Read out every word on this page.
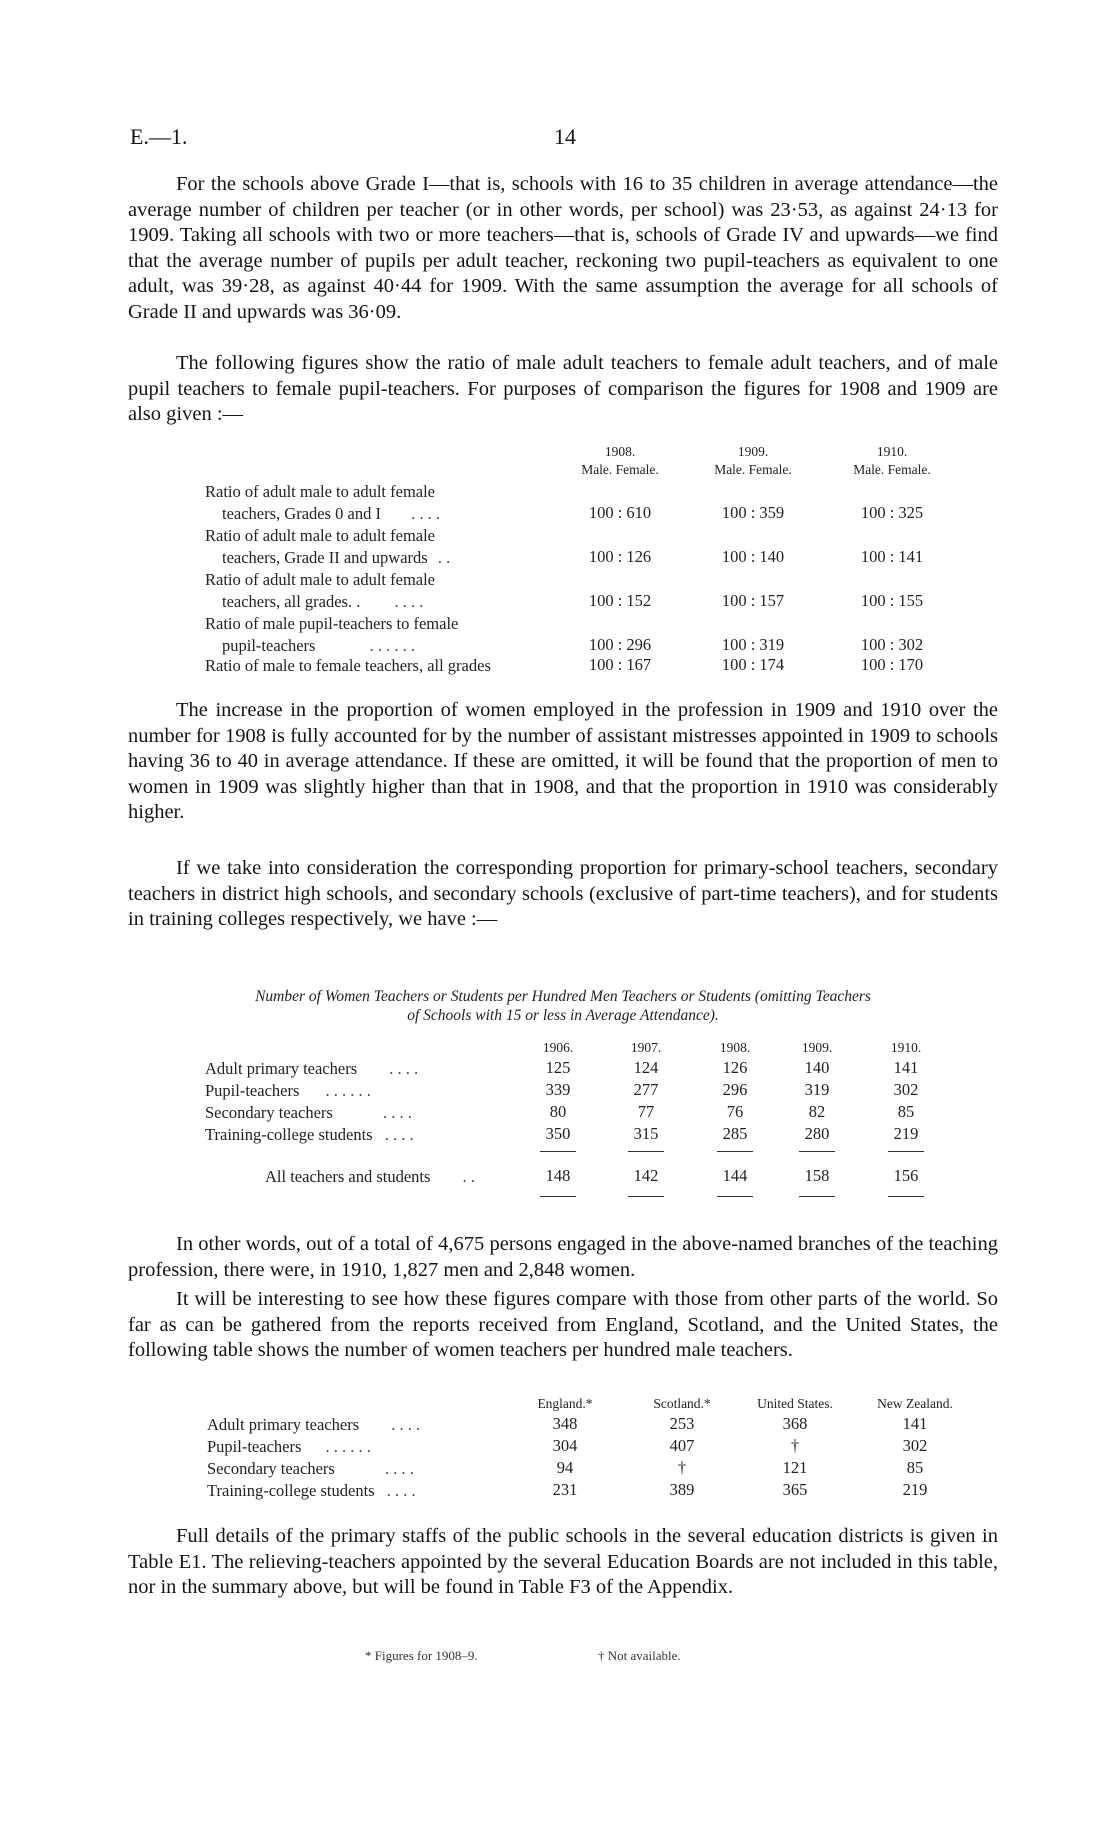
E.—1.	14

For the schools above Grade I—that is, schools with 16 to 35 children in average attendance—the average number of children per teacher (or in other words, per school) was 23·53, as against 24·13 for 1909. Taking all schools with two or more teachers—that is, schools of Grade IV and upwards—we find that the average number of pupils per adult teacher, reckoning two pupil-teachers as equivalent to one adult, was 39·28, as against 40·44 for 1909. With the same assumption the average for all schools of Grade II and upwards was 36·09.

The following figures show the ratio of male adult teachers to female adult teachers, and of male pupil teachers to female pupil-teachers. For purposes of comparison the figures for 1908 and 1909 are also given :—

1908.	1909.	1910.
Male. Female.	Male. Female.	Male. Female.
Ratio of adult male to adult female
teachers, Grades 0 and I . . . .	100 : 610	100 : 359	100 : 325
Ratio of adult male to adult female
teachers, Grade II and upwards . .	100 : 126	100 : 140	100 : 141
Ratio of adult male to adult female
teachers, all grades. . . . . .	100 : 152	100 : 157	100 : 155
Ratio of male pupil-teachers to female
pupil-teachers	. . . . . .	100 : 296	100 : 319	100 : 302
Ratio of male to female teachers, all grades	100 : 167	100 : 174	100 : 170

The increase in the proportion of women employed in the profession in 1909 and 1910 over the number for 1908 is fully accounted for by the number of assistant mistresses appointed in 1909 to schools having 36 to 40 in average attendance. If these are omitted, it will be found that the proportion of men to women in 1909 was slightly higher than that in 1908, and that the proportion in 1910 was considerably higher.

If we take into consideration the corresponding proportion for primary-school teachers, secondary teachers in district high schools, and secondary schools (exclusive of part-time teachers), and for students in training colleges respectively, we have :—

Number of Women Teachers or Students per Hundred Men Teachers or Students (omitting Teachers
of Schools with 15 or less in Average Attendance).
1906.	1907.	1908.	1909.	1910.
Adult primary teachers . . . .	125	124	126	140	141
Pupil-teachers . . . . . .	339	277	296	319	302
Secondary teachers	. . . .	80	77	76	82	85
Training-college students . . . .	350	315	285	280	219
All teachers and students . .	148	142	144	158	156

In other words, out of a total of 4,675 persons engaged in the above-named branches of the teaching profession, there were, in 1910, 1,827 men and 2,848 women.

It will be interesting to see how these figures compare with those from other parts of the world. So far as can be gathered from the reports received from England, Scotland, and the United States, the following table shows the number of women teachers per hundred male teachers.

England.*	Scotland.*	United States.	New Zealand.
Adult primary teachers . . . .	348	253	368	141
Pupil-teachers . . . . . .	304	407	†	302
Secondary teachers	. . . .	94	†	121	85
Training-college students . . . .	231	389	365	219

Full details of the primary staffs of the public schools in the several education districts is given in Table E1. The relieving-teachers appointed by the several Education Boards are not included in this table, nor in the summary above, but will be found in Table F3 of the Appendix.

* Figures for 1908–9.	† Not available.
